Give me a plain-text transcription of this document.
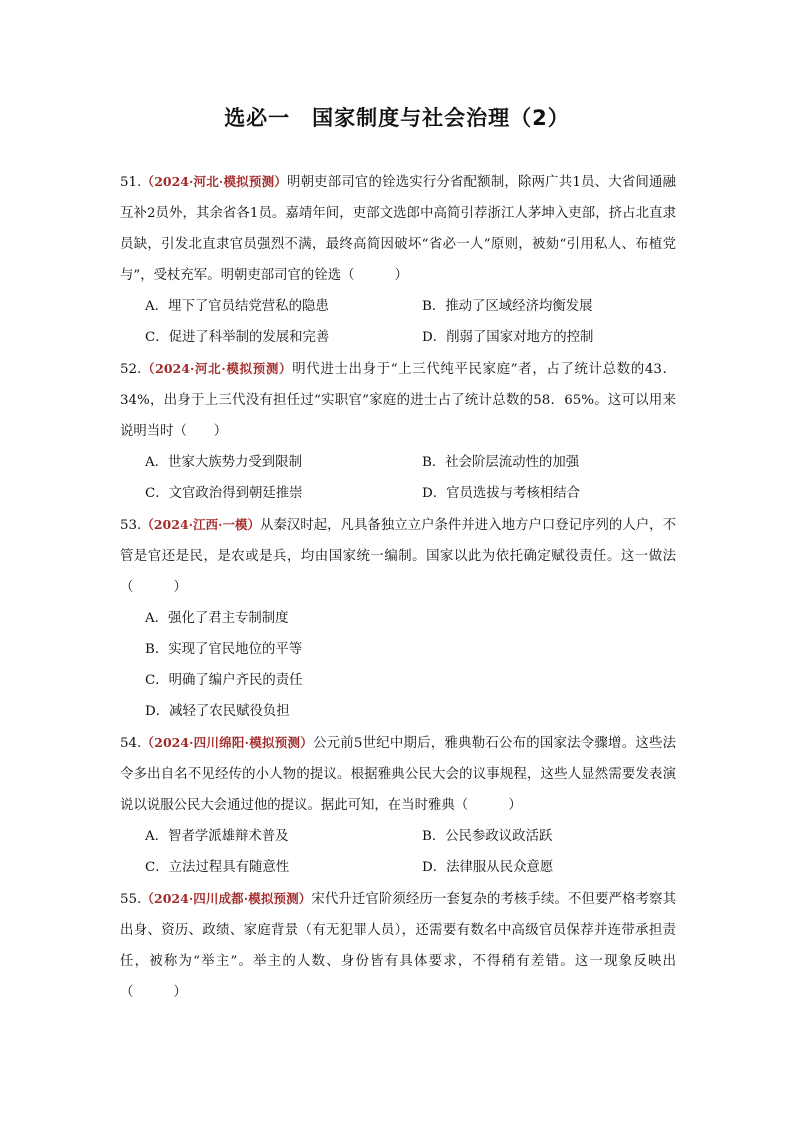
选必一　国家制度与社会治理（2）

51.（2024·河北·模拟预测）明朝吏部司官的铨选实行分省配额制，除两广共1员、大省间通融互补2员外，其余省各1员。嘉靖年间，吏部文选郎中高简引荐浙江人茅坤入吏部，挤占北直隶员缺，引发北直隶官员强烈不满，最终高简因破坏“省必一人”原则，被劾“引用私人、布植党与”，受杖充军。明朝吏部司官的铨选（　　　）

A．埋下了官员结党营私的隐患	B．推动了区域经济均衡发展
C．促进了科举制的发展和完善	D．削弱了国家对地方的控制

52.（2024·河北·模拟预测）明代进士出身于“上三代纯平民家庭”者，占了统计总数的43．34%，出身于上三代没有担任过“实职官”家庭的进士占了统计总数的58．65%。这可以用来说明当时（　　）

A．世家大族势力受到限制	B．社会阶层流动性的加强
C．文官政治得到朝廷推崇	D．官员选拔与考核相结合

53.（2024·江西·一模）从秦汉时起，凡具备独立立户条件并进入地方户口登记序列的人户，不管是官还是民，是农或是兵，均由国家统一编制。国家以此为依托确定赋役责任。这一做法（　　　）

A．强化了君主专制制度
B．实现了官民地位的平等
C．明确了编户齐民的责任
D．减轻了农民赋役负担

54.（2024·四川绵阳·模拟预测）公元前5世纪中期后，雅典勒石公布的国家法令骤增。这些法令多出自名不见经传的小人物的提议。根据雅典公民大会的议事规程，这些人显然需要发表演说以说服公民大会通过他的提议。据此可知，在当时雅典（　　　）

A．智者学派雄辩术普及	B．公民参政议政活跃
C．立法过程具有随意性	D．法律服从民众意愿

55.（2024·四川成都·模拟预测）宋代升迁官阶须经历一套复杂的考核手续。不但要严格考察其出身、资历、政绩、家庭背景（有无犯罪人员），还需要有数名中高级官员保荐并连带承担责任，被称为“举主”。举主的人数、身份皆有具体要求，不得稍有差错。这一现象反映出（　　　）
